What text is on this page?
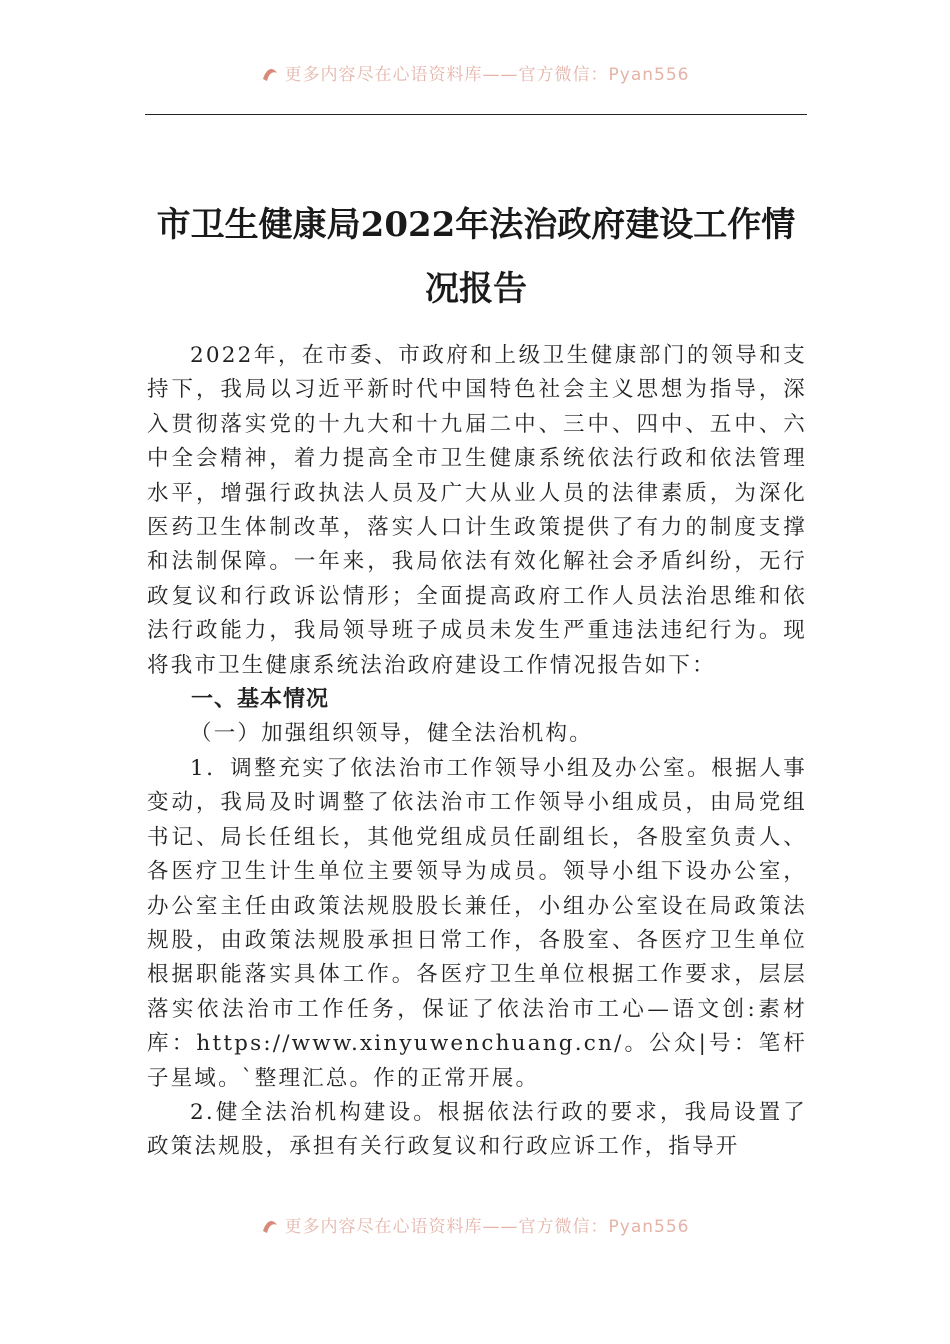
更多内容尽在心语资料库——官方微信：Pyan556
市卫生健康局2022年法治政府建设工作情况报告

2022年，在市委、市政府和上级卫生健康部门的领导和支持下，我局以习近平新时代中国特色社会主义思想为指导，深入贯彻落实党的十九大和十九届二中、三中、四中、五中、六中全会精神，着力提高全市卫生健康系统依法行政和依法管理水平，增强行政执法人员及广大从业人员的法律素质，为深化医药卫生体制改革，落实人口计生政策提供了有力的制度支撑和法制保障。一年来，我局依法有效化解社会矛盾纠纷，无行政复议和行政诉讼情形；全面提高政府工作人员法治思维和依法行政能力，我局领导班子成员未发生严重违法违纪行为。现将我市卫生健康系统法治政府建设工作情况报告如下：

一、基本情况
（一）加强组织领导，健全法治机构。

1．调整充实了依法治市工作领导小组及办公室。根据人事变动，我局及时调整了依法治市工作领导小组成员，由局党组书记、局长任组长，其他党组成员任副组长，各股室负责人、各医疗卫生计生单位主要领导为成员。领导小组下设办公室，办公室主任由政策法规股股长兼任，小组办公室设在局政策法规股，由政策法规股承担日常工作，各股室、各医疗卫生单位根据职能落实具体工作。各医疗卫生单位根据工作要求，层层落实依法治市工作任务，保证了依法治市工心—语文创:素材库：https://www.xinyuwenchuang.cn/。公众|号：笔杆子星域。`整理汇总。作的正常开展。

2.健全法治机构建设。根据依法行政的要求，我局设置了政策法规股，承担有关行政复议和行政应诉工作，指导开

更多内容尽在心语资料库——官方微信：Pyan556
